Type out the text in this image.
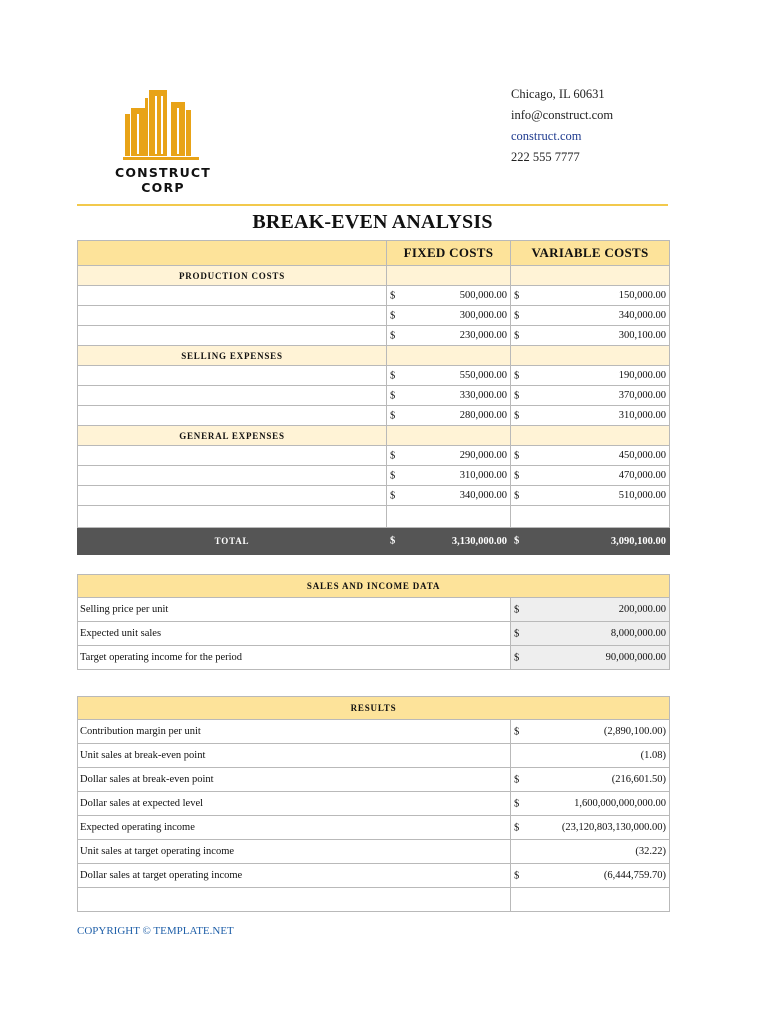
CONSTRUCT CORP
Chicago, IL 60631
info@construct.com
construct.com
222 555 7777
BREAK-EVEN ANALYSIS
	FIXED COSTS	VARIABLE COSTS
PRODUCTION COSTS		

	$ 500,000.00	$ 150,000.00

	$ 300,000.00	$ 340,000.00

	$ 230,000.00	$ 300,100.00

SELLING EXPENSES		

	$ 550,000.00	$ 190,000.00

	$ 330,000.00	$ 370,000.00

	$ 280,000.00	$ 310,000.00

GENERAL EXPENSES		

	$ 290,000.00	$ 450,000.00

	$ 310,000.00	$ 470,000.00

	$ 340,000.00	$ 510,000.00

TOTAL	$ 3,130,000.00	$ 3,090,100.00
SALES AND INCOME DATA	
Selling price per unit	$ 200,000.00

Expected unit sales	$ 8,000,000.00

Target operating income for the period	$ 90,000,000.00
RESULTS	
Contribution margin per unit	$ (2,890,100.00)

Unit sales at break-even point	(1.08)

Dollar sales at break-even point	$ (216,601.50)

Dollar sales at expected level	$ 1,600,000,000,000.00

Expected operating income	$ (23,120,803,130,000.00)

Unit sales at target operating income	(32.22)

Dollar sales at target operating income	$ (6,444,759.70)

COPYRIGHT © TEMPLATE.NET
